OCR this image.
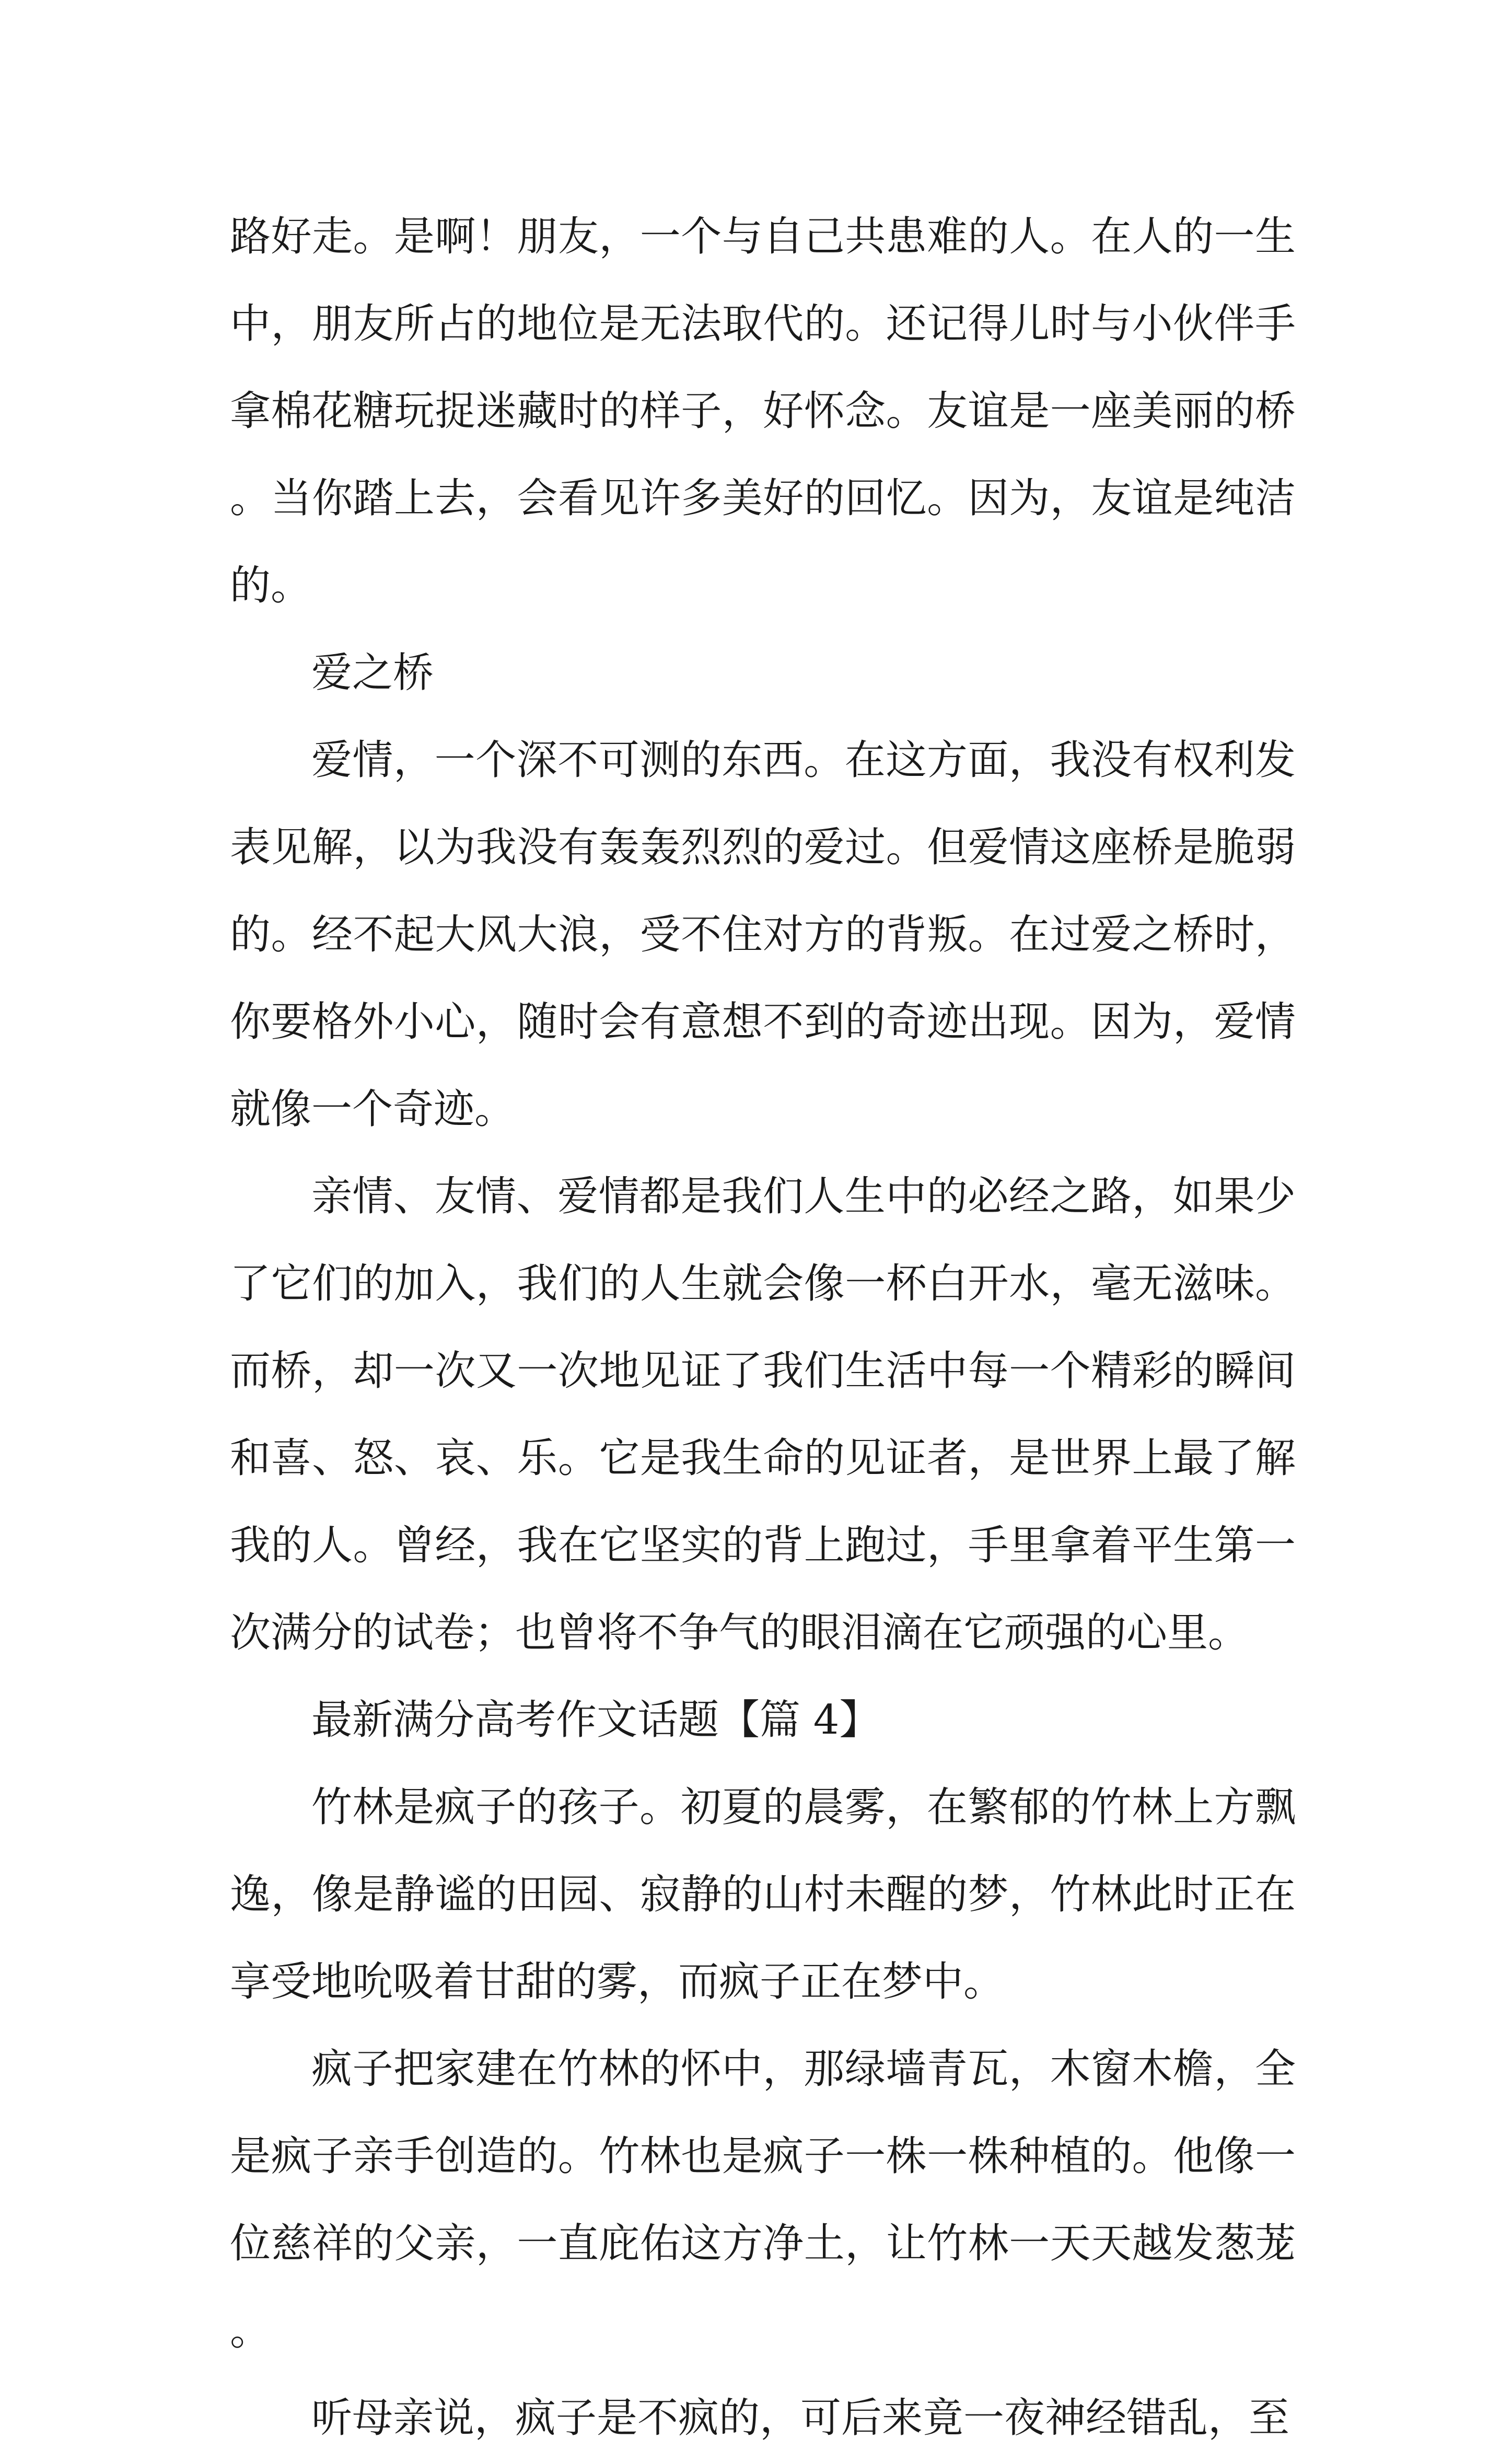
路好走。是啊！朋友，一个与自己共患难的人。在人的一生中，朋友所占的地位是无法取代的。还记得儿时与小伙伴手拿棉花糖玩捉迷藏时的样子，好怀念。友谊是一座美丽的桥。当你踏上去，会看见许多美好的回忆。因为，友谊是纯洁的。

爱之桥

爱情，一个深不可测的东西。在这方面，我没有权利发表见解，以为我没有轰轰烈烈的爱过。但爱情这座桥是脆弱的。经不起大风大浪，受不住对方的背叛。在过爱之桥时，你要格外小心，随时会有意想不到的奇迹出现。因为，爱情就像一个奇迹。

亲情、友情、爱情都是我们人生中的必经之路，如果少了它们的加入，我们的人生就会像一杯白开水，毫无滋味。而桥，却一次又一次地见证了我们生活中每一个精彩的瞬间和喜、怒、哀、乐。它是我生命的见证者，是世界上最了解我的人。曾经，我在它坚实的背上跑过，手里拿着平生第一次满分的试卷；也曾将不争气的眼泪滴在它顽强的心里。

最新满分高考作文话题【篇 4】

竹林是疯子的孩子。初夏的晨雾，在繁郁的竹林上方飘逸，像是静谧的田园、寂静的山村未醒的梦，竹林此时正在享受地吮吸着甘甜的雾，而疯子正在梦中。

疯子把家建在竹林的怀中，那绿墙青瓦，木窗木檐，全是疯子亲手创造的。竹林也是疯子一株一株种植的。他像一位慈祥的父亲，一直庇佑这方净土，让竹林一天天越发葱茏。

听母亲说，疯子是不疯的，可后来竟一夜神经错乱，至
